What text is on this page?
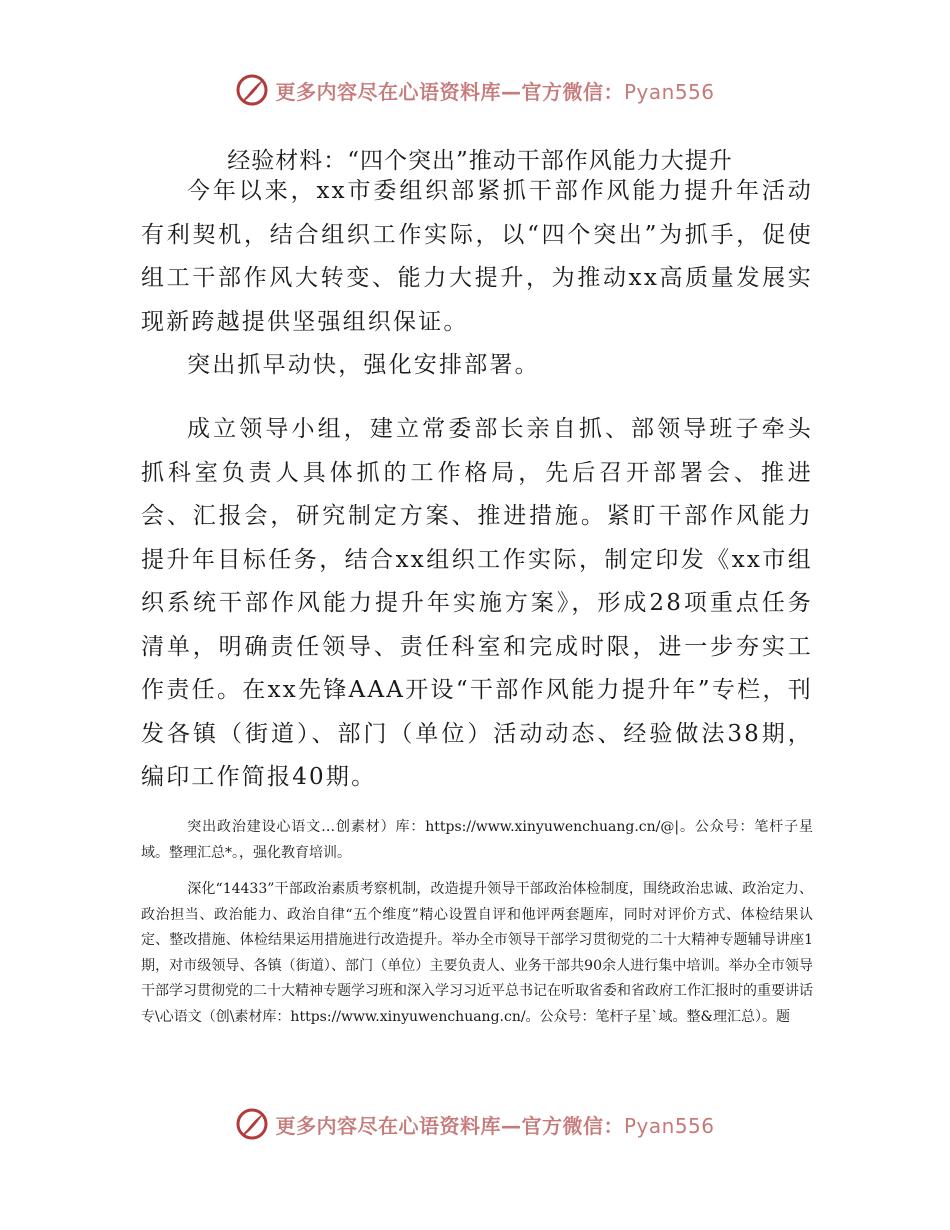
更多内容尽在心语资料库—官方微信：Pyan556
经验材料：“四个突出”推动干部作风能力大提升

今年以来，xx市委组织部紧抓干部作风能力提升年活动有利契机，结合组织工作实际，以“四个突出”为抓手，促使组工干部作风大转变、能力大提升，为推动xx高质量发展实现新跨越提供坚强组织保证。

突出抓早动快，强化安排部署。

成立领导小组，建立常委部长亲自抓、部领导班子牵头抓科室负责人具体抓的工作格局，先后召开部署会、推进会、汇报会，研究制定方案、推进措施。紧盯干部作风能力提升年目标任务，结合xx组织工作实际，制定印发《xx市组织系统干部作风能力提升年实施方案》，形成28项重点任务清单，明确责任领导、责任科室和完成时限，进一步夯实工作责任。在xx先锋AAA开设“干部作风能力提升年”专栏，刊发各镇（街道）、部门（单位）活动动态、经验做法38期，编印工作简报40期。

突出政治建设心语文…创素材）库：https://www.xinyuwenchuang.cn/@|。公众号：笔杆子星域。整理汇总*。，强化教育培训。

深化“14433”干部政治素质考察机制，改造提升领导干部政治体检制度，围绕政治忠诚、政治定力、政治担当、政治能力、政治自律“五个维度”精心设置自评和他评两套题库，同时对评价方式、体检结果认定、整改措施、体检结果运用措施进行改造提升。举办全市领导干部学习贯彻党的二十大精神专题辅导讲座1期，对市级领导、各镇（街道）、部门（单位）主要负责人、业务干部共90余人进行集中培训。举办全市领导干部学习贯彻党的二十大精神专题学习班和深入学习习近平总书记在听取省委和省政府工作汇报时的重要讲话专\心语文（创\素材库：https://www.xinyuwenchuang.cn/。公众号：笔杆子星`域。整&理汇总）。题

更多内容尽在心语资料库—官方微信：Pyan556
